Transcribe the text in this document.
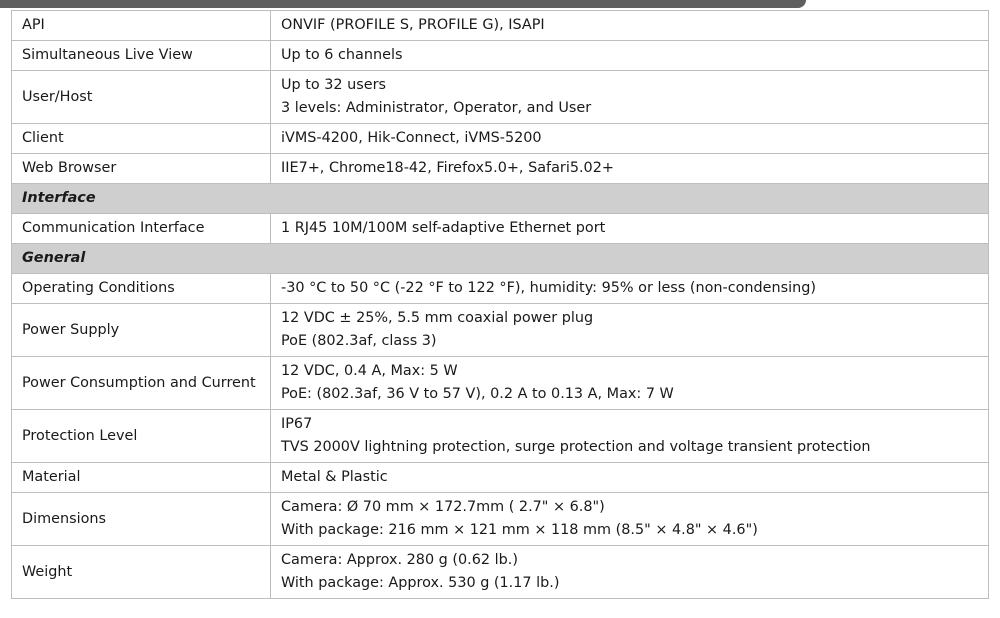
API	ONVIF (PROFILE S, PROFILE G), ISAPI

Simultaneous Live View	Up to 6 channels

User/Host	Up to 32 users
3 levels: Administrator, Operator, and User

Client	iVMS-4200, Hik-Connect, iVMS-5200

Web Browser	IIE7+, Chrome18-42, Firefox5.0+, Safari5.02+

Interface	
Communication Interface	1 RJ45 10M/100M self-adaptive Ethernet port

General	
Operating Conditions	-30 °C to 50 °C (-22 °F to 122 °F), humidity: 95% or less (non-condensing)

Power Supply	12 VDC ± 25%, 5.5 mm coaxial power plug
PoE (802.3af, class 3)

Power Consumption and Current	12 VDC, 0.4 A, Max: 5 W
PoE: (802.3af, 36 V to 57 V), 0.2 A to 0.13 A, Max: 7 W

Protection Level	IP67
TVS 2000V lightning protection, surge protection and voltage transient protection

Material	Metal & Plastic

Dimensions	Camera: Ø 70 mm × 172.7mm ( 2.7" × 6.8")
With package: 216 mm × 121 mm × 118 mm (8.5" × 4.8" × 4.6")

Weight	Camera: Approx. 280 g (0.62 lb.)
With package: Approx. 530 g (1.17 lb.)
